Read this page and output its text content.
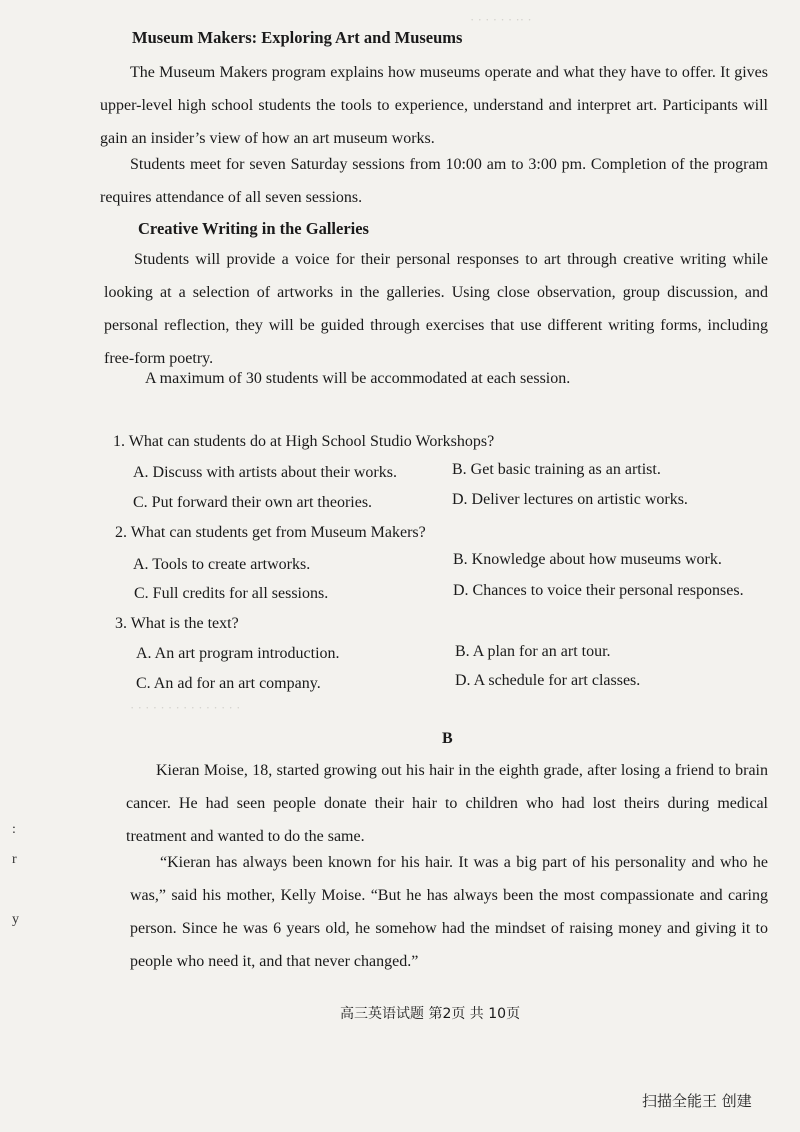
· · · · · · ·· ·
Museum Makers: Exploring Art and Museums

The Museum Makers program explains how museums operate and what they have to offer. It gives upper-level high school students the tools to experience, understand and interpret art. Participants will gain an insider’s view of how an art museum works.

Students meet for seven Saturday sessions from 10:00 am to 3:00 pm. Completion of the program requires attendance of all seven sessions.

Creative Writing in the Galleries

Students will provide a voice for their personal responses to art through creative writing while looking at a selection of artworks in the galleries. Using close observation, group discussion, and personal reflection, they will be guided through exercises that use different writing forms, including free-form poetry.

A maximum of 30 students will be accommodated at each session.
1. What can students do at High School Studio Workshops?
A. Discuss with artists about their works.	B. Get basic training as an artist.
C. Put forward their own art theories.	D. Deliver lectures on artistic works.
2. What can students get from Museum Makers?
A. Tools to create artworks.	B. Knowledge about how museums work.
C. Full credits for all sessions.	D. Chances to voice their personal responses.
3. What is the text?
A. An art program introduction.	B. A plan for an art tour.
C. An ad for an art company.	D. A schedule for art classes.
· · · · · · · · · · · · · · ·
B

Kieran Moise, 18, started growing out his hair in the eighth grade, after losing a friend to brain cancer. He had seen people donate their hair to children who had lost theirs during medical treatment and wanted to do the same.

“Kieran has always been known for his hair. It was a big part of his personality and who he was,” said his mother, Kelly Moise. “But he has always been the most compassionate and caring person. Since he was 6 years old, he somehow had the mindset of raising money and giving it to people who need it, and that never changed.”

高三英语试题 第2页 共 10页
扫描全能王 创建
:
r
y
